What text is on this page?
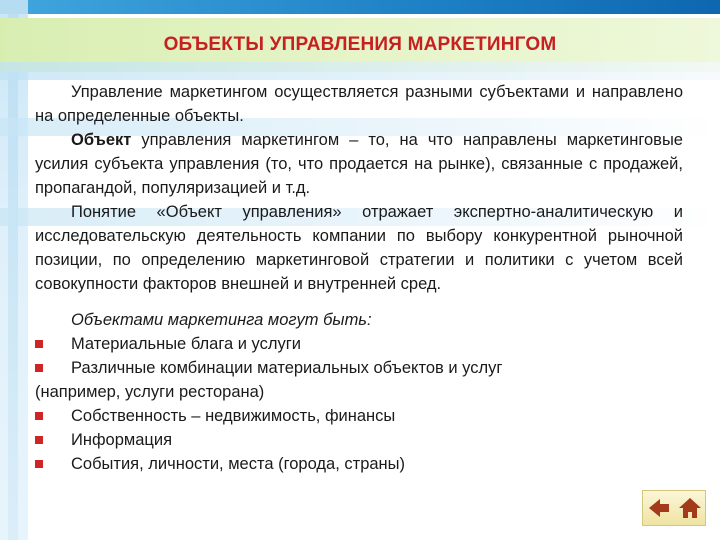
ОБЪЕКТЫ УПРАВЛЕНИЯ МАРКЕТИНГОМ

Управление маркетингом осуществляется разными субъектами и направлено на определенные объекты.

Объект управления маркетингом – то, на что направлены маркетинговые усилия субъекта управления (то, что продается на рынке), связанные с продажей, пропагандой, популяризацией и т.д.

Понятие «Объект управления» отражает экспертно-аналитическую и исследовательскую деятельность компании по выбору конкурентной рыночной позиции, по определению маркетинговой стратегии и политики с учетом всей совокупности факторов внешней и внутренней сред.

Объектами маркетинга могут быть:

Материальные блага и услуги

Различные комбинации материальных объектов и услуг

(например, услуги ресторана)

Собственность – недвижимость, финансы

Информация

События, личности, места (города, страны)
